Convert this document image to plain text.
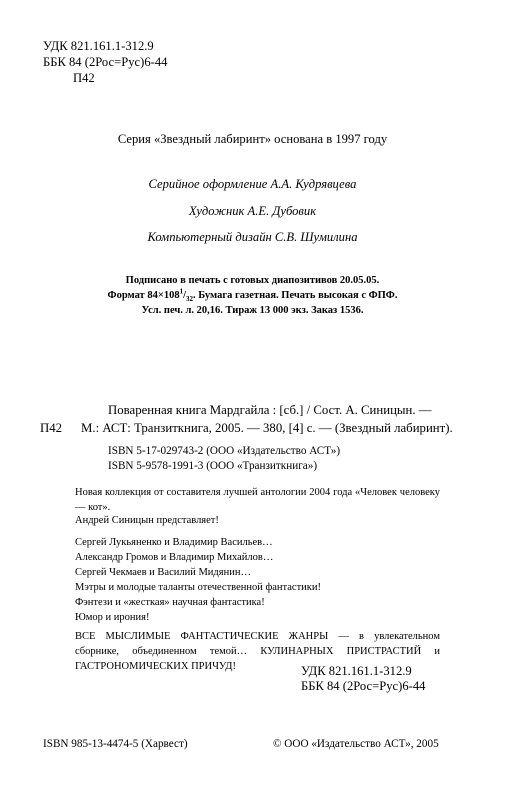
УДК 821.161.1-312.9
ББК 84 (2Рос=Рус)6-44
П42
Серия «Звездный лабиринт» основана в 1997 году
Серийное оформление А.А. Кудрявцева
Художник А.Е. Дубовик
Компьютерный дизайн С.В. Шумилина
Подписано в печать с готовых диапозитивов 20.05.05.
Формат $84\times 108^1/_{32}$. Бумага газетная. Печать высокая с ФПФ.
Усл. печ. л. 20,16. Тираж 13 000 экз. Заказ 1536.
Поваренная книга Мардгайла : [сб.] / Сост. А. Синицын. —
П42 М.: АСТ: Транзиткнига, 2005. — 380, [4] с. — (Звездный лабиринт).
ISBN 5-17-029743-2 (ООО «Издательство АСТ»)
ISBN 5-9578-1991-3 (ООО «Транзиткнига»)
Новая коллекция от составителя лучшей антологии 2004 года «Человек человеку — кот».
Андрей Синицын представляет!
Сергей Лукьяненко и Владимир Васильев…
Александр Громов и Владимир Михайлов…
Сергей Чекмаев и Василий Мидянин…
Мэтры и молодые таланты отечественной фантастики!
Фэнтези и «жесткая» научная фантастика!
Юмор и ирония!
ВСЕ МЫСЛИМЫЕ ФАНТАСТИЧЕСКИЕ ЖАНРЫ — в увлекательном сборнике, объединенном темой… КУЛИНАРНЫХ ПРИСТРАСТИЙ и ГАСТРОНОМИЧЕСКИХ ПРИЧУД!	УДК 821.161.1-312.9
ББК 84 (2Рос=Рус)6-44
ISBN 985-13-4474-5 (Харвест)	© ООО «Издательство АСТ», 2005
